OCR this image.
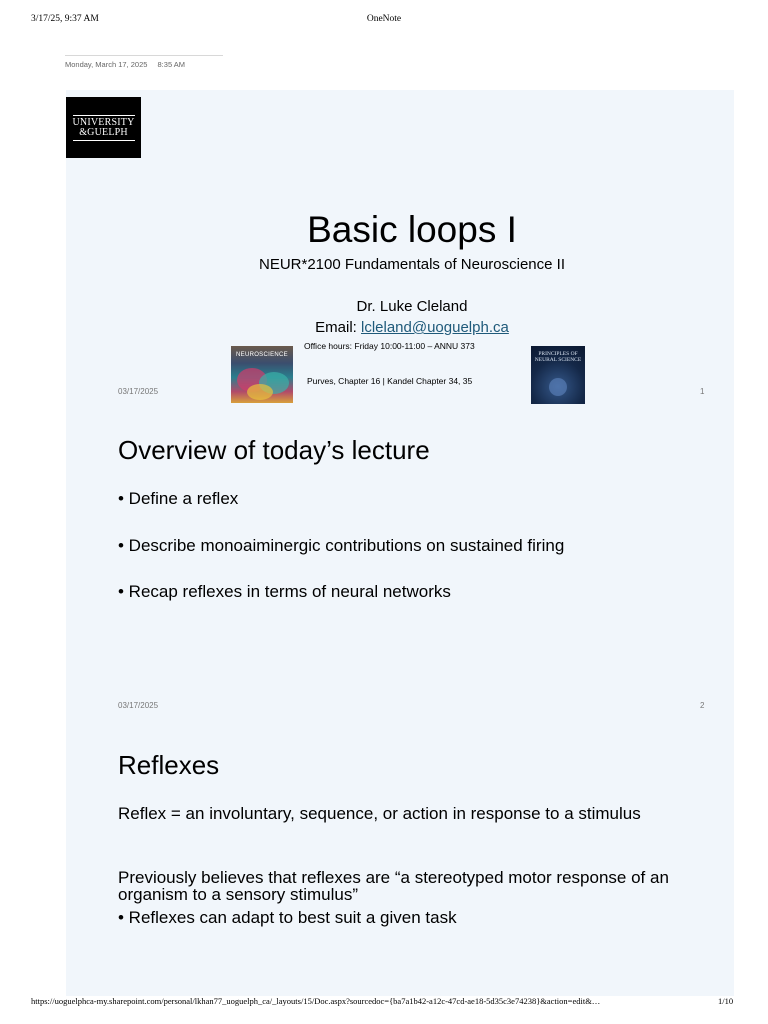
3/17/25, 9:37 AM	OneNote
Monday, March 17, 2025 8:35 AM
UNIVERSITY
&GUELPH
Basic loops I
NEUR*2100 Fundamentals of Neuroscience II
Dr. Luke Cleland
Email: lcleland@uoguelph.ca
Office hours: Friday 10:00-11:00 – ANNU 373
Purves, Chapter 16 | Kandel Chapter 34, 35
NEUROSCIENCE	PRINCIPLES OF NEURAL SCIENCE
03/17/2025	1
Overview of today’s lecture
• Define a reflex
• Describe monoaiminergic contributions on sustained firing
• Recap reflexes in terms of neural networks
03/17/2025	2
Reflexes
Reflex = an involuntary, sequence, or action in response to a stimulus
Previously believes that reflexes are “a stereotyped motor response of an organism to a sensory stimulus”
• Reflexes can adapt to best suit a given task
https://uoguelphca-my.sharepoint.com/personal/lkhan77_uoguelph_ca/_layouts/15/Doc.aspx?sourcedoc={ba7a1b42-a12c-47cd-ae18-5d35c3e74238}&action=edit&…	1/10
